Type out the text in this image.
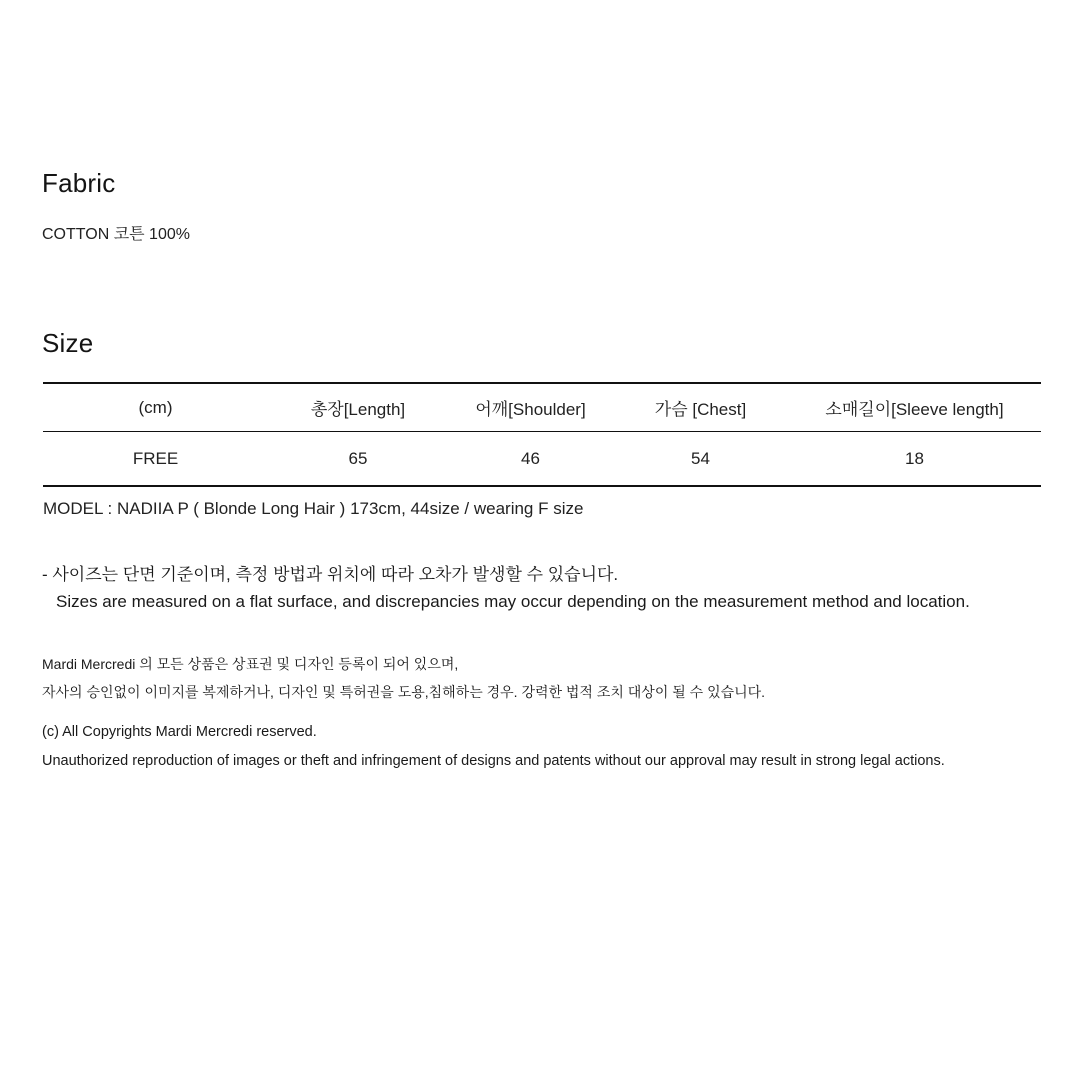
Fabric

COTTON 코튼 100%

Size
(cm)	총장[Length]	어깨[Shoulder]	가슴 [Chest]	소매길이[Sleeve length]
FREE	65	46	54	18

MODEL : NADIIA P ( Blonde Long Hair ) 173cm, 44size / wearing F size

- 사이즈는 단면 기준이며, 측정 방법과 위치에 따라 오차가 발생할 수 있습니다.
Sizes are measured on a flat surface, and discrepancies may occur depending on the measurement method and location.
Mardi Mercredi 의 모든 상품은 상표권 및 디자인 등록이 되어 있으며,
자사의 승인없이 이미지를 복제하거나, 디자인 및 특허권을 도용,침해하는 경우. 강력한 법적 조치 대상이 될 수 있습니다.
(c) All Copyrights Mardi Mercredi reserved.
Unauthorized reproduction of images or theft and infringement of designs and patents without our approval may result in strong legal actions.
